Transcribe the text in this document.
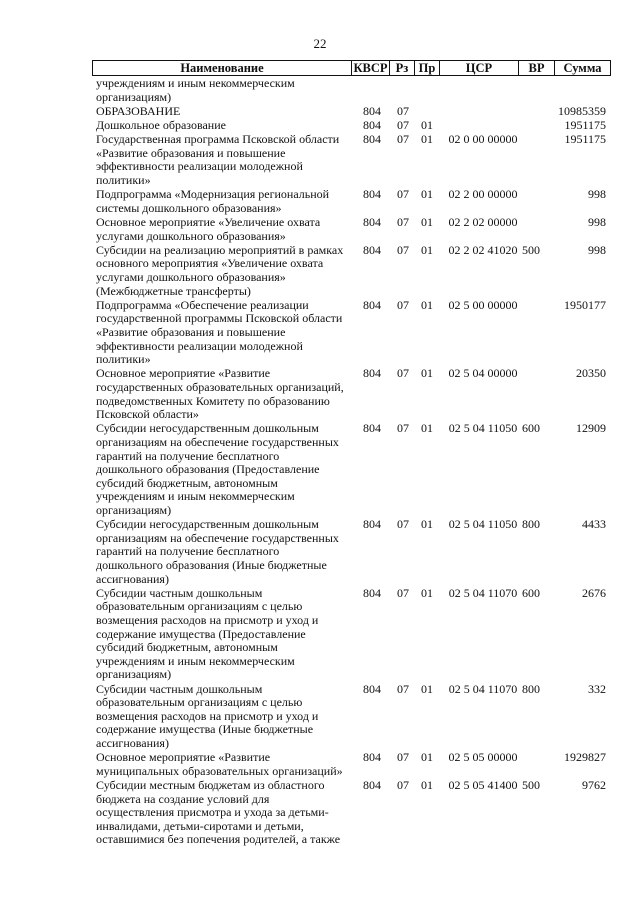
22
Наименование	КВСР Рз Пр	ЦСР	ВР	Сумма
учреждениям и иным некоммерческим
организациям)
ОБРАЗОВАНИЕ	804	07	10985359
Дошкольное образование	804	07	01	1951175
Государственная программа Псковской области
«Развитие образования и повышение
эффективности реализации молодежной
политики»
804	07	01	02 0 00 00000	1951175
Подпрограмма «Модернизация региональной
системы дошкольного образования»
804	07	01	02 2 00 00000	998
Основное мероприятие «Увеличение охвата
услугами дошкольного образования»
804	07	01	02 2 02 00000	998
Субсидии на реализацию мероприятий в рамках
основного мероприятия «Увеличение охвата
услугами дошкольного образования»
(Межбюджетные трансферты)
804	07	01	02 2 02 41020 500	998
Подпрограмма «Обеспечение реализации
государственной программы Псковской области
«Развитие образования и повышение
эффективности реализации молодежной
политики»
804	07	01	02 5 00 00000	1950177
Основное мероприятие «Развитие
государственных образовательных организаций,
подведомственных Комитету по образованию
Псковской области»
804	07	01	02 5 04 00000	20350
Субсидии негосударственным дошкольным
организациям на обеспечение государственных
гарантий на получение бесплатного
дошкольного образования (Предоставление
субсидий бюджетным, автономным
учреждениям и иным некоммерческим
организациям)
804	07	01	02 5 04 11050 600	12909
Субсидии негосударственным дошкольным
организациям на обеспечение государственных
гарантий на получение бесплатного
дошкольного образования (Иные бюджетные
ассигнования)
804	07	01	02 5 04 11050 800	4433
Субсидии частным дошкольным
образовательным организациям с целью
возмещения расходов на присмотр и уход и
содержание имущества (Предоставление
субсидий бюджетным, автономным
учреждениям и иным некоммерческим
организациям)
804	07	01	02 5 04 11070 600	2676
Субсидии частным дошкольным
образовательным организациям с целью
возмещения расходов на присмотр и уход и
содержание имущества (Иные бюджетные
ассигнования)
804	07	01	02 5 04 11070 800	332
Основное мероприятие «Развитие
муниципальных образовательных организаций»
804	07	01	02 5 05 00000	1929827
Субсидии местным бюджетам из областного
бюджета на создание условий для
осуществления присмотра и ухода за детьми-
инвалидами, детьми-сиротами и детьми,
оставшимися без попечения родителей, а также
804	07	01	02 5 05 41400 500	9762
